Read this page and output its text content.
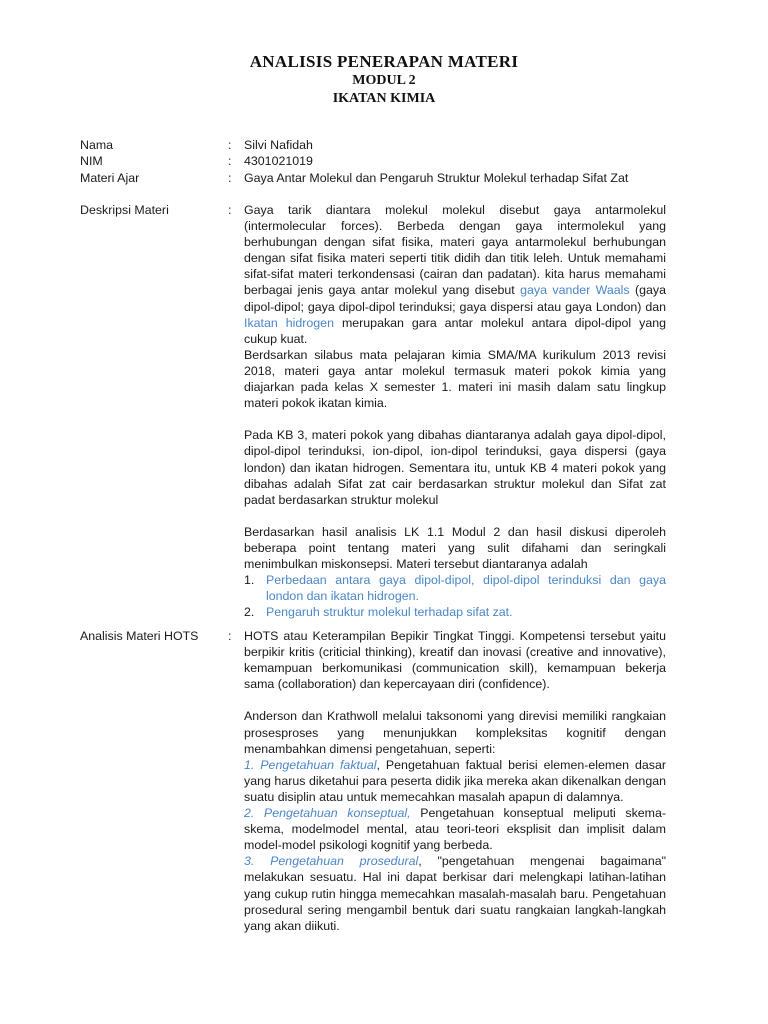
ANALISIS PENERAPAN MATERI
MODUL 2
IKATAN KIMIA
Nama	: Silvi Nafidah
NIM	: 4301021019
Materi Ajar	: Gaya Antar Molekul dan Pengaruh Struktur Molekul terhadap Sifat Zat
Deskripsi Materi	: Gaya tarik diantara molekul molekul disebut gaya antarmolekul (intermolecular forces). Berbeda dengan gaya intermolekul yang berhubungan dengan sifat fisika, materi gaya antarmolekul berhubungan dengan sifat fisika materi seperti titik didih dan titik leleh. Untuk memahami sifat-sifat materi terkondensasi (cairan dan padatan). kita harus memahami berbagai jenis gaya antar molekul yang disebut gaya vander Waals (gaya dipol-dipol; gaya dipol-dipol terinduksi; gaya dispersi atau gaya London) dan Ikatan hidrogen merupakan gara antar molekul antara dipol-dipol yang cukup kuat.

Berdsarkan silabus mata pelajaran kimia SMA/MA kurikulum 2013 revisi 2018, materi gaya antar molekul termasuk materi pokok kimia yang diajarkan pada kelas X semester 1. materi ini masih dalam satu lingkup materi pokok ikatan kimia.

Pada KB 3, materi pokok yang dibahas diantaranya adalah gaya dipol-dipol, dipol-dipol terinduksi, ion-dipol, ion-dipol terinduksi, gaya dispersi (gaya london) dan ikatan hidrogen. Sementara itu, untuk KB 4 materi pokok yang dibahas adalah Sifat zat cair berdasarkan struktur molekul dan Sifat zat padat berdasarkan struktur molekul

Berdasarkan hasil analisis LK 1.1 Modul 2 dan hasil diskusi diperoleh beberapa point tentang materi yang sulit difahami dan seringkali menimbulkan miskonsepsi. Materi tersebut diantaranya adalah

1. Perbedaan antara gaya dipol-dipol, dipol-dipol terinduksi dan gaya london dan ikatan hidrogen.
2. Pengaruh struktur molekul terhadap sifat zat.
Analisis Materi HOTS	: HOTS atau Keterampilan Bepikir Tingkat Tinggi. Kompetensi tersebut yaitu berpikir kritis (criticial thinking), kreatif dan inovasi (creative and innovative), kemampuan berkomunikasi (communication skill), kemampuan bekerja sama (collaboration) dan kepercayaan diri (confidence).

Anderson dan Krathwoll melalui taksonomi yang direvisi memiliki rangkaian prosesproses yang menunjukkan kompleksitas kognitif dengan menambahkan dimensi pengetahuan, seperti:

1. Pengetahuan faktual, Pengetahuan faktual berisi elemen-elemen dasar yang harus diketahui para peserta didik jika mereka akan dikenalkan dengan suatu disiplin atau untuk memecahkan masalah apapun di dalamnya.

2. Pengetahuan konseptual, Pengetahuan konseptual meliputi skema-skema, modelmodel mental, atau teori-teori eksplisit dan implisit dalam model-model psikologi kognitif yang berbeda.

3. Pengetahuan prosedural, "pengetahuan mengenai bagaimana" melakukan sesuatu. Hal ini dapat berkisar dari melengkapi latihan-latihan yang cukup rutin hingga memecahkan masalah-masalah baru. Pengetahuan prosedural sering mengambil bentuk dari suatu rangkaian langkah-langkah yang akan diikuti.
